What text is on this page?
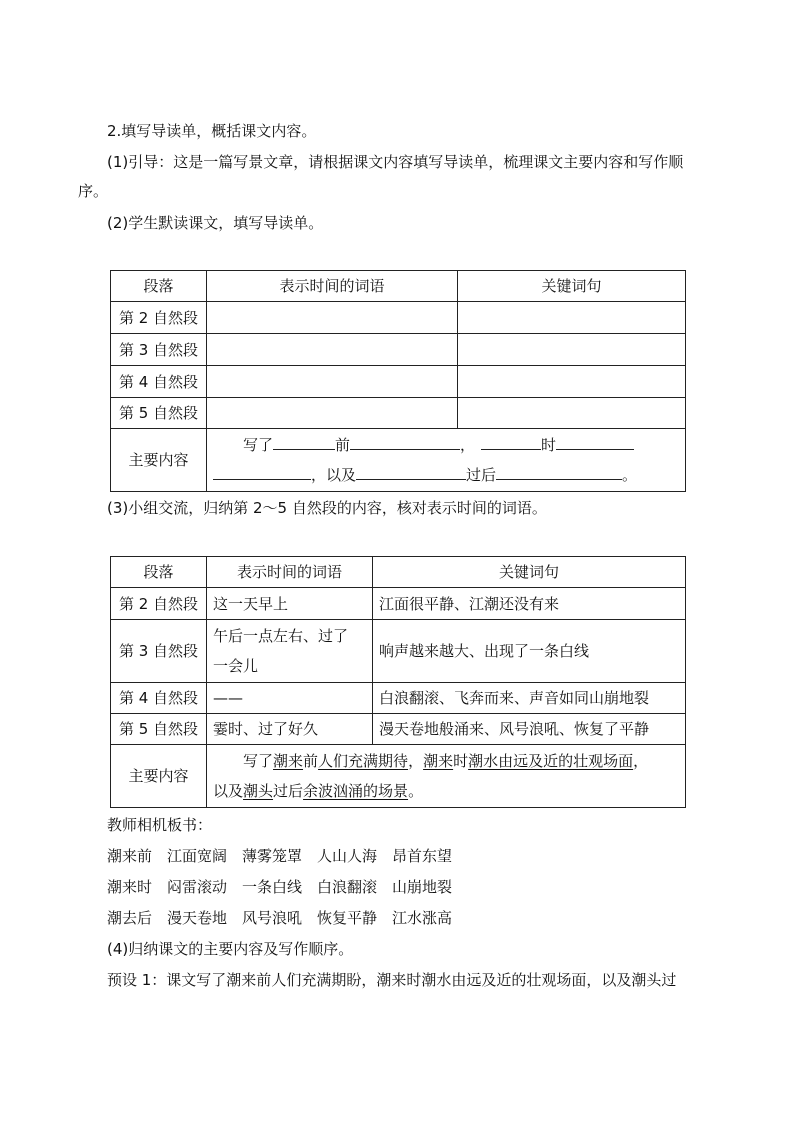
2.填写导读单，概括课文内容。
(1)引导：这是一篇写景文章，请根据课文内容填写导读单，梳理课文主要内容和写作顺
序。
(2)学生默读课文，填写导读单。
段落	表示时间的词语	关键词句
第 2 自然段		
第 3 自然段		
第 4 自然段		
第 5 自然段		
主要内容	写了 前 ， 时
，以及 过后 。	
(3)小组交流，归纳第 2～5 自然段的内容，核对表示时间的词语。
段落	表示时间的词语	关键词句
第 2 自然段	这一天早上	江面很平静、江潮还没有来
第 3 自然段	午后一点左右、过了
一会儿	响声越来越大、出现了一条白线
第 4 自然段	——	白浪翻滚、飞奔而来、声音如同山崩地裂
第 5 自然段	霎时、过了好久	漫天卷地般涌来、风号浪吼、恢复了平静
主要内容	写了潮来前人们充满期待，潮来时潮水由远及近的壮观场面，
以及潮头过后余波汹涌的场景。	
教师相机板书：
潮来前　江面宽阔　薄雾笼罩　人山人海　昂首东望
潮来时　闷雷滚动　一条白线　白浪翻滚　山崩地裂
潮去后　漫天卷地　风号浪吼　恢复平静　江水涨高
(4)归纳课文的主要内容及写作顺序。
预设 1：课文写了潮来前人们充满期盼，潮来时潮水由远及近的壮观场面，以及潮头过
